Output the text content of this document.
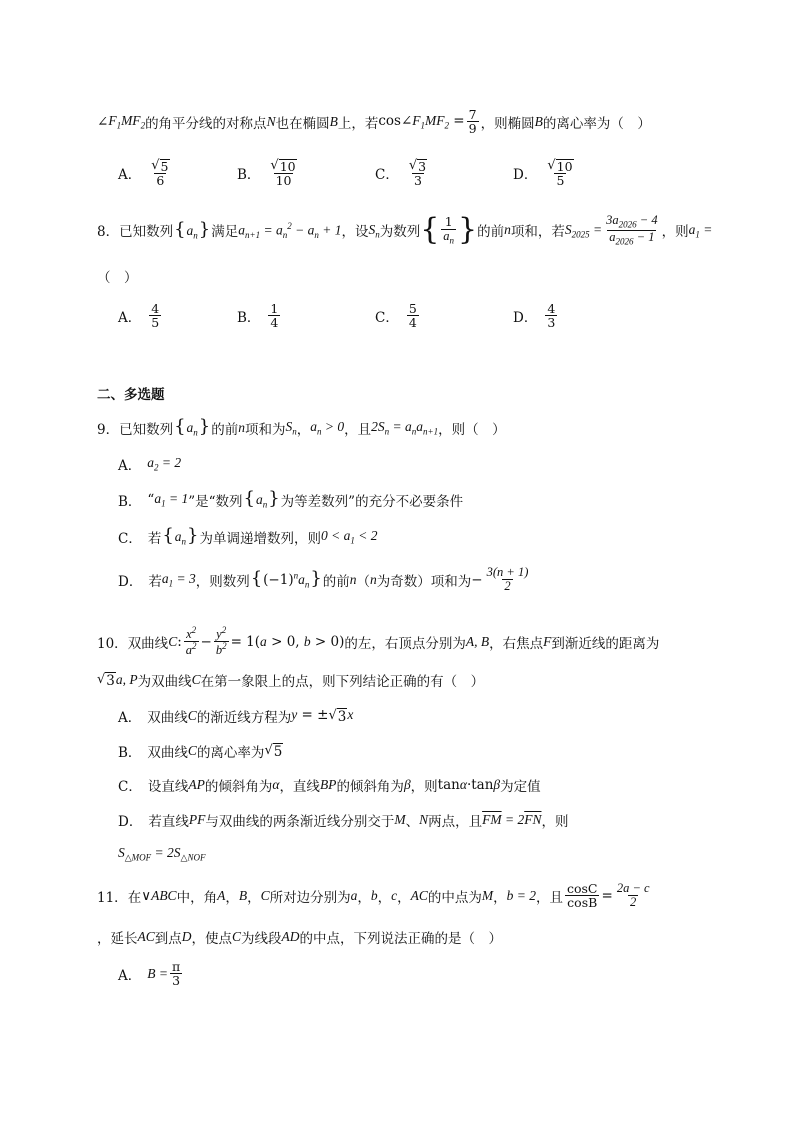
∠ $F_1MF_2$ 的角平分线的对称点 N 也在椭圆 B 上，若 $\cos\angle F_1MF_2 = \frac{7}{9}$ ，则椭圆 B 的离心率为（　）
A． $\frac{√ 5}{6}$	B． $\frac{√ 10}{10}$	C． $\frac{√ 3}{3}$	D． $\frac{√ 10}{5}$
8． 已知数列 $\{a_n\}$ 满足 $a_{n+1} = a_n^2 - a_n + 1$ ，设 $S_n$ 为数列 { $\frac{1}{a_n}$ } 的前 n 项和，若 $S_{2025} = \frac{3a_{2026} - 4}{a_{2026} - 1}$ ，则 $a_1$ =
（　）
A． $\frac{4}{5}$	B． $\frac{1}{4}$	C． $\frac{5}{4}$	D． $\frac{4}{3}$
二、多选题
9． 已知数列 $\{a_n\}$ 的前 n 项和为 $S_n$ ， $a_n > 0$ ，且 $2S_n = a_na_{n+1}$ ，则（　）
A． $a_2 = 2$
B． “ $a_1 = 1$ ”是“数列 $\{a_n\}$ 为等差数列”的充分不必要条件
C． 若 $\{a_n\}$ 为单调递增数列，则 $0 < a_1 < 2$
D． 若 $a_1 = 3$ ，则数列 $\{(-1)^na_n\}$ 的前 n （ n 为奇数）项和为 − $\frac{3(n + 1)}{2}$
10． 双曲线 C : $\frac{x^2}{a^2} - \frac{y^2}{b^2} = 1(a > 0$, b > 0) 的左，右顶点分别为 A, B ，右焦点 F 到渐近线的距离为
√ 3 a, P 为双曲线 C 在第一象限上的点，则下列结论正确的有（　）
A． 双曲线 C 的渐近线方程为 y = ± √ 3 x
B． 双曲线 C 的离心率为 √ 5
C． 设直线 AP 的倾斜角为 α ，直线 BP 的倾斜角为 β ，则 tanα·tanβ 为定值
D． 若直线 PF 与双曲线的两条渐近线分别交于 M 、 N 两点，且 $\overline{FM} = 2\overline{FN}$ ，则
$S_{\triangle MOF} = 2S_{\triangle NOF}$
11． 在 ∨ABC 中，角 A ， B ， C 所对边分别为 a ， b ， c ， AC 的中点为 M ， b = 2 ，且 $\frac{\cos C}{\cos B} = \frac{2a - c}{2}$
，延长 AC 到点 D ，使点 C 为线段 AD 的中点，下列说法正确的是（　）
A． $B = \frac{\pi}{3}$
